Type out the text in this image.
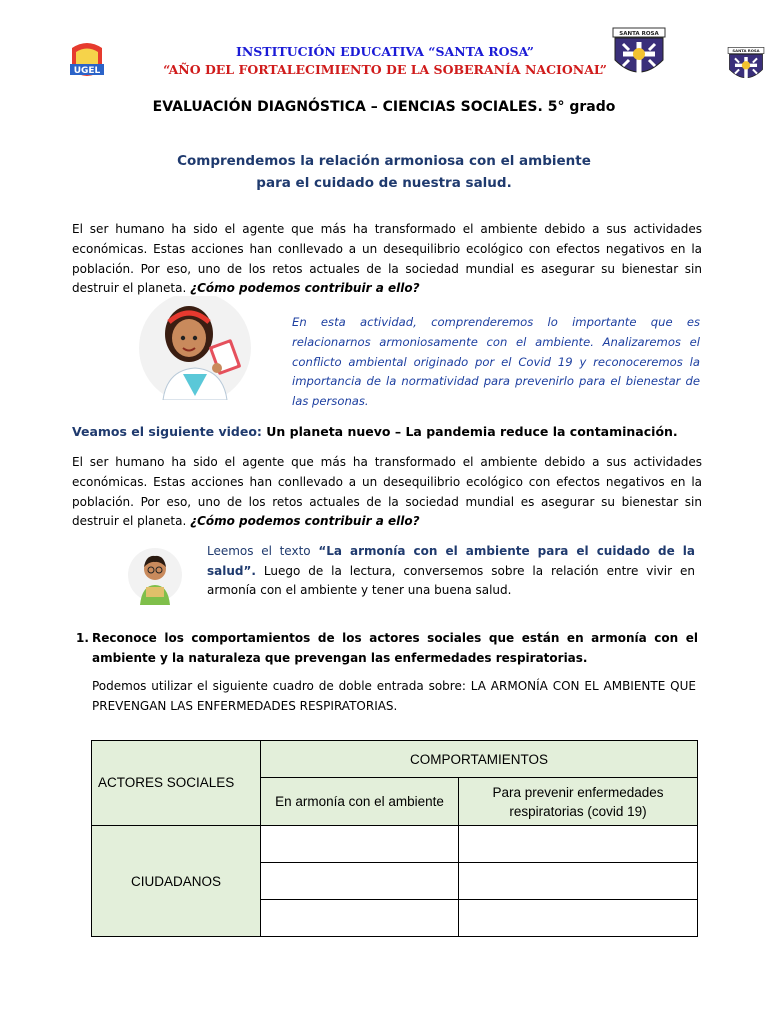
UGEL
SANTA ROSA
SANTA ROSA
INSTITUCIÓN EDUCATIVA “SANTA ROSA”
“AÑO DEL FORTALECIMIENTO DE LA SOBERANÍA NACIONAL”
EVALUACIÓN DIAGNÓSTICA – CIENCIAS SOCIALES. 5° grado
Comprendemos la relación armoniosa con el ambiente
para el cuidado de nuestra salud.
El ser humano ha sido el agente que más ha transformado el ambiente debido a sus actividades económicas. Estas acciones han conllevado a un desequilibrio ecológico con efectos negativos en la población. Por eso, uno de los retos actuales de la sociedad mundial es asegurar su bienestar sin destruir el planeta. ¿Cómo podemos contribuir a ello?
En esta actividad, comprenderemos lo importante que es relacionarnos armoniosamente con el ambiente. Analizaremos el conflicto ambiental originado por el Covid 19 y reconoceremos la importancia de la normatividad para prevenirlo para el bienestar de las personas.
Veamos el siguiente video: Un planeta nuevo – La pandemia reduce la contaminación.
El ser humano ha sido el agente que más ha transformado el ambiente debido a sus actividades económicas. Estas acciones han conllevado a un desequilibrio ecológico con efectos negativos en la población. Por eso, uno de los retos actuales de la sociedad mundial es asegurar su bienestar sin destruir el planeta. ¿Cómo podemos contribuir a ello?
Leemos el texto “La armonía con el ambiente para el cuidado de la salud”. Luego de la lectura, conversemos sobre la relación entre vivir en armonía con el ambiente y tener una buena salud.
1. Reconoce los comportamientos de los actores sociales que están en armonía con el ambiente y la naturaleza que prevengan las enfermedades respiratorias.
Podemos utilizar el siguiente cuadro de doble entrada sobre: LA ARMONÍA CON EL AMBIENTE QUE PREVENGAN LAS ENFERMEDADES RESPIRATORIAS.
ACTORES SOCIALES	COMPORTAMIENTOS	
	En armonía con el ambiente	Para prevenir enfermedades respiratorias (covid 19)
CIUDADANOS		
